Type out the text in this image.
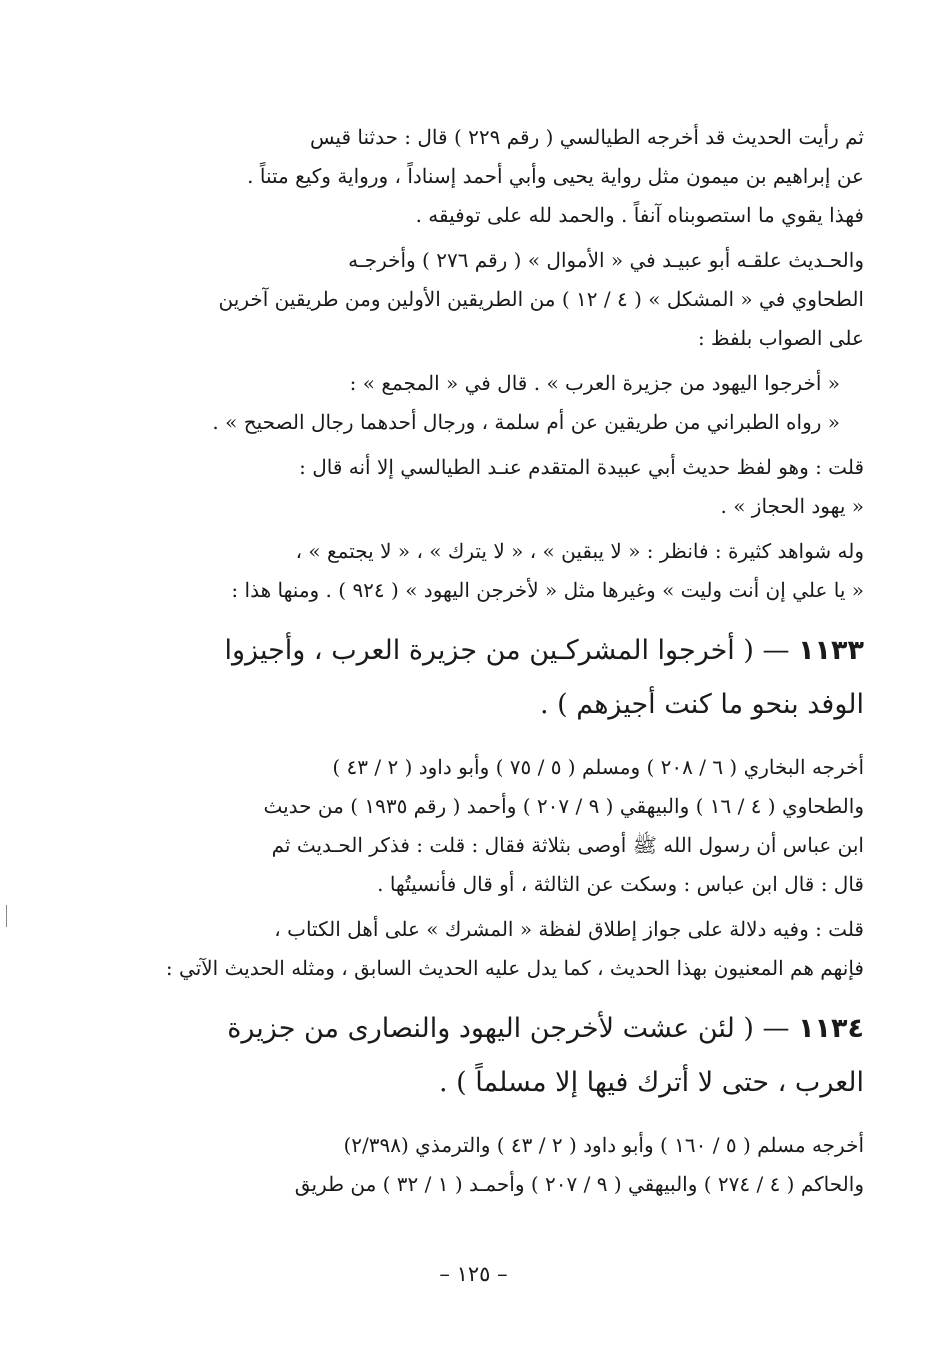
ثم رأيت الحديث قد أخرجه الطيالسي ( رقم ٢٢٩ ) قال : حدثنا قيس

عن إبراهيم بن ميمون مثل رواية يحيى وأبي أحمد إسناداً ، ورواية وكيع متناً .

فهذا يقوي ما استصوبناه آنفاً . والحمد لله على توفيقه .

والحـديث علقـه أبو عبيـد في « الأموال » ( رقم ٢٧٦ ) وأخرجـه

الطحاوي في « المشكل » ( ٤ / ١٢ ) من الطريقين الأولين ومن طريقين آخرين

على الصواب بلفظ :

« أخرجوا اليهود من جزيرة العرب » . قال في « المجمع » :

« رواه الطبراني من طريقين عن أم سلمة ، ورجال أحدهما رجال الصحيح » .

قلت : وهو لفظ حديث أبي عبيدة المتقدم عنـد الطيالسي إلا أنه قال :

« يهود الحجاز » .

وله شواهد كثيرة : فانظر : « لا يبقين » ، « لا يترك » ، « لا يجتمع » ،

« يا علي إن أنت وليت » وغيرها مثل « لأخرجن اليهود » ( ٩٢٤ ) . ومنها هذا :

١١٣٣ — ( أخرجوا المشركـين من جزيرة العرب ، وأجيزوا

الوفد بنحو ما كنت أجيزهم ) .

أخرجه البخاري ( ٦ / ٢٠٨ ) ومسلم ( ٥ / ٧٥ ) وأبو داود ( ٢ / ٤٣ )

والطحاوي ( ٤ / ١٦ ) والبيهقي ( ٩ / ٢٠٧ ) وأحمد ( رقم ١٩٣٥ ) من حديث

ابن عباس أن رسول الله ﷺ أوصى بثلاثة فقال : قلت : فذكر الحـديث ثم

قال : قال ابن عباس : وسكت عن الثالثة ، أو قال فأنسيتُها .

قلت : وفيه دلالة على جواز إطلاق لفظة « المشرك » على أهل الكتاب ،

فإنهم هم المعنيون بهذا الحديث ، كما يدل عليه الحديث السابق ، ومثله الحديث الآتي :

١١٣٤ — ( لئن عشت لأخرجن اليهود والنصارى من جزيرة

العرب ، حتى لا أترك فيها إلا مسلماً ) .

أخرجه مسلم ( ٥ / ١٦٠ ) وأبو داود ( ٢ / ٤٣ ) والترمذي (٢/٣٩٨)

والحاكم ( ٤ / ٢٧٤ ) والبيهقي ( ٩ / ٢٠٧ ) وأحمـد ( ١ / ٣٢ ) من طريق

– ١٢٥ –
